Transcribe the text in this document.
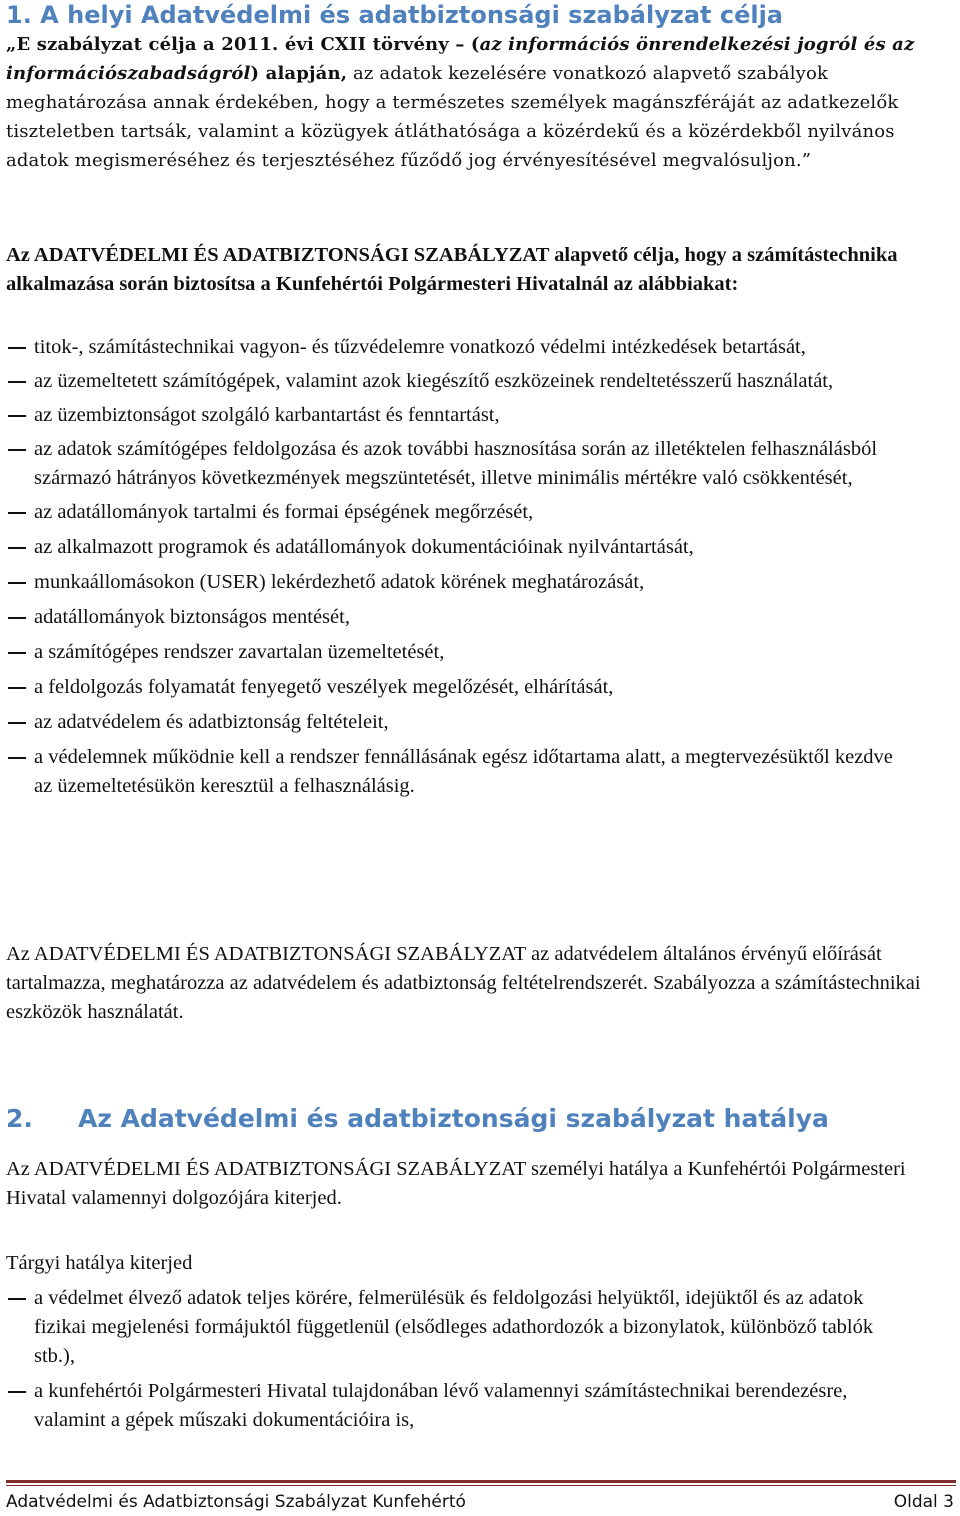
1. A helyi Adatvédelmi és adatbiztonsági szabályzat célja
„E szabályzat célja a 2011. évi CXII törvény – (az információs önrendelkezési jogról és az információszabadságról) alapján, az adatok kezelésére vonatkozó alapvető szabályok meghatározása annak érdekében, hogy a természetes személyek magánszféráját az adatkezelők tiszteletben tartsák, valamint a közügyek átláthatósága a közérdekű és a közérdekből nyilvános adatok megismeréséhez és terjesztéséhez fűződő jog érvényesítésével megvalósuljon.”
Az ADATVÉDELMI ÉS ADATBIZTONSÁGI SZABÁLYZAT alapvető célja, hogy a számítástechnika alkalmazása során biztosítsa a Kunfehértói Polgármesteri Hivatalnál az alábbiakat:
titok-, számítástechnikai vagyon- és tűzvédelemre vonatkozó védelmi intézkedések betartását,
az üzemeltetett számítógépek, valamint azok kiegészítő eszközeinek rendeltetésszerű használatát,
az üzembiztonságot szolgáló karbantartást és fenntartást,
az adatok számítógépes feldolgozása és azok további hasznosítása során az illetéktelen felhasználásból származó hátrányos következmények megszüntetését, illetve minimális mértékre való csökkentését,
az adatállományok tartalmi és formai épségének megőrzését,
az alkalmazott programok és adatállományok dokumentációinak nyilvántartását,
munkaállomásokon (USER) lekérdezhető adatok körének meghatározását,
adatállományok biztonságos mentését,
a számítógépes rendszer zavartalan üzemeltetését,
a feldolgozás folyamatát fenyegető veszélyek megelőzését, elhárítását,
az adatvédelem és adatbiztonság feltételeit,
a védelemnek működnie kell a rendszer fennállásának egész időtartama alatt, a megtervezésüktől kezdve az üzemeltetésükön keresztül a felhasználásig.
Az ADATVÉDELMI ÉS ADATBIZTONSÁGI SZABÁLYZAT az adatvédelem általános érvényű előírását tartalmazza, meghatározza az adatvédelem és adatbiztonság feltételrendszerét. Szabályozza a számítástechnikai eszközök használatát.
2. Az Adatvédelmi és adatbiztonsági szabályzat hatálya
Az ADATVÉDELMI ÉS ADATBIZTONSÁGI SZABÁLYZAT személyi hatálya a Kunfehértói Polgármesteri Hivatal valamennyi dolgozójára kiterjed.
Tárgyi hatálya kiterjed
a védelmet élvező adatok teljes körére, felmerülésük és feldolgozási helyüktől, idejüktől és az adatok fizikai megjelenési formájuktól függetlenül (elsődleges adathordozók a bizonylatok, különböző tablók stb.),
a kunfehértói Polgármesteri Hivatal tulajdonában lévő valamennyi számítástechnikai berendezésre, valamint a gépek műszaki dokumentációira is,
Adatvédelmi és Adatbiztonsági Szabályzat Kunfehértó	Oldal 3
